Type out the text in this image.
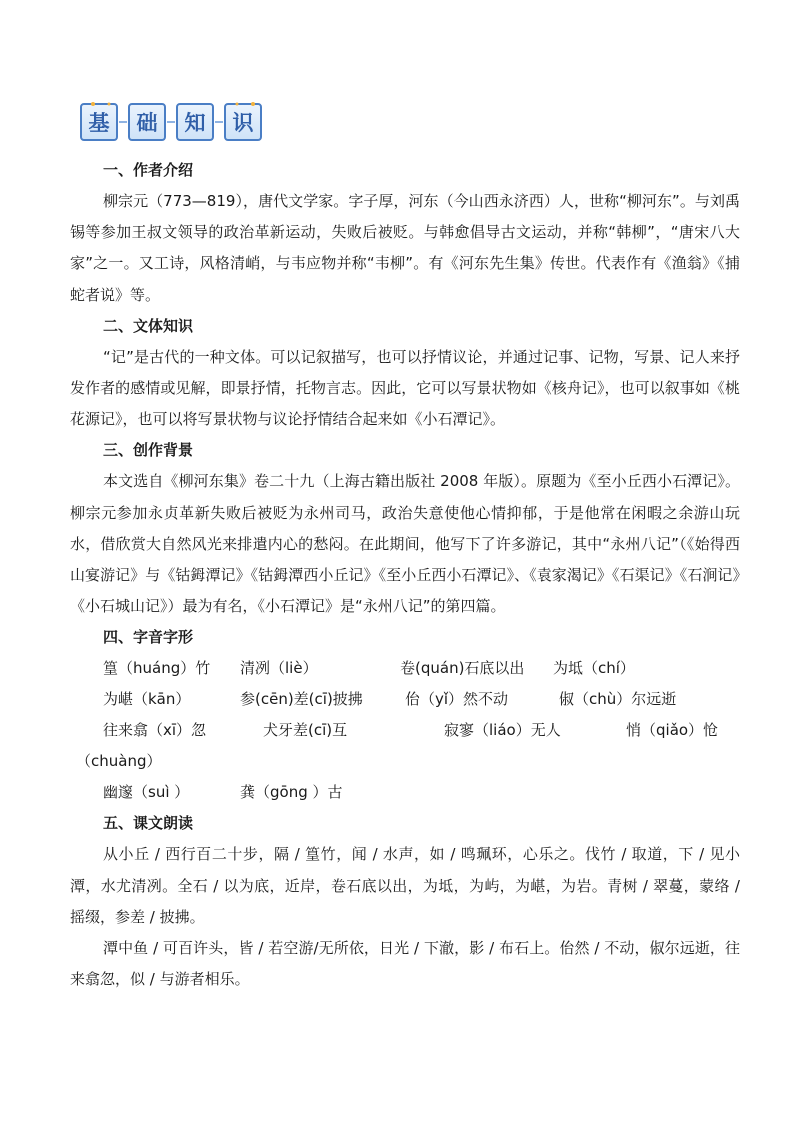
基 础 知 识
一、作者介绍

柳宗元（773—819），唐代文学家。字子厚，河东（今山西永济西）人，世称“柳河东”。与刘禹锡等参加王叔文领导的政治革新运动，失败后被贬。与韩愈倡导古文运动，并称“韩柳”，“唐宋八大家”之一。又工诗，风格清峭，与韦应物并称“韦柳”。有《河东先生集》传世。代表作有《渔翁》《捕蛇者说》等。

二、文体知识

“记”是古代的一种文体。可以记叙描写，也可以抒情议论，并通过记事、记物，写景、记人来抒发作者的感情或见解，即景抒情，托物言志。因此，它可以写景状物如《核舟记》，也可以叙事如《桃花源记》，也可以将写景状物与议论抒情结合起来如《小石潭记》。

三、创作背景

本文选自《柳河东集》卷二十九（上海古籍出版社 2008 年版）。原题为《至小丘西小石潭记》。柳宗元参加永贞革新失败后被贬为永州司马，政治失意使他心情抑郁，于是他常在闲暇之余游山玩水，借欣赏大自然风光来排遣内心的愁闷。在此期间，他写下了许多游记，其中“永州八记”（《始得西山宴游记》与《钴鉧潭记》《钴鉧潭西小丘记》《至小丘西小石潭记》、《袁家渴记》《石渠记》《石涧记》《小石城山记》）最为有名，《小石潭记》是“永州八记”的第四篇。

四、字音字形
篁（huáng）竹 清冽（liè）	卷(quán)石底以出 为坻（chí）
为嵁（kān）	参(cēn)差(cī)披拂	佁（yǐ）然不动	俶（chù）尔远逝
往来翕（xī）忽	犬牙差(cī)互	寂寥（liáo）无人	悄（qiǎo）怆
（chuàng）
幽邃（suì ）	龚（gōng ）古
五、课文朗读

从小丘 / 西行百二十步，隔 / 篁竹，闻 / 水声，如 / 鸣珮环，心乐之。伐竹 / 取道，下 / 见小潭，水尤清冽。全石 / 以为底，近岸，卷石底以出，为坻，为屿，为嵁，为岩。青树 / 翠蔓，蒙络 / 摇缀，参差 / 披拂。

潭中鱼 / 可百许头，皆 / 若空游/无所依，日光 / 下澈，影 / 布石上。佁然 / 不动，俶尔远逝，往来翕忽，似 / 与游者相乐。
